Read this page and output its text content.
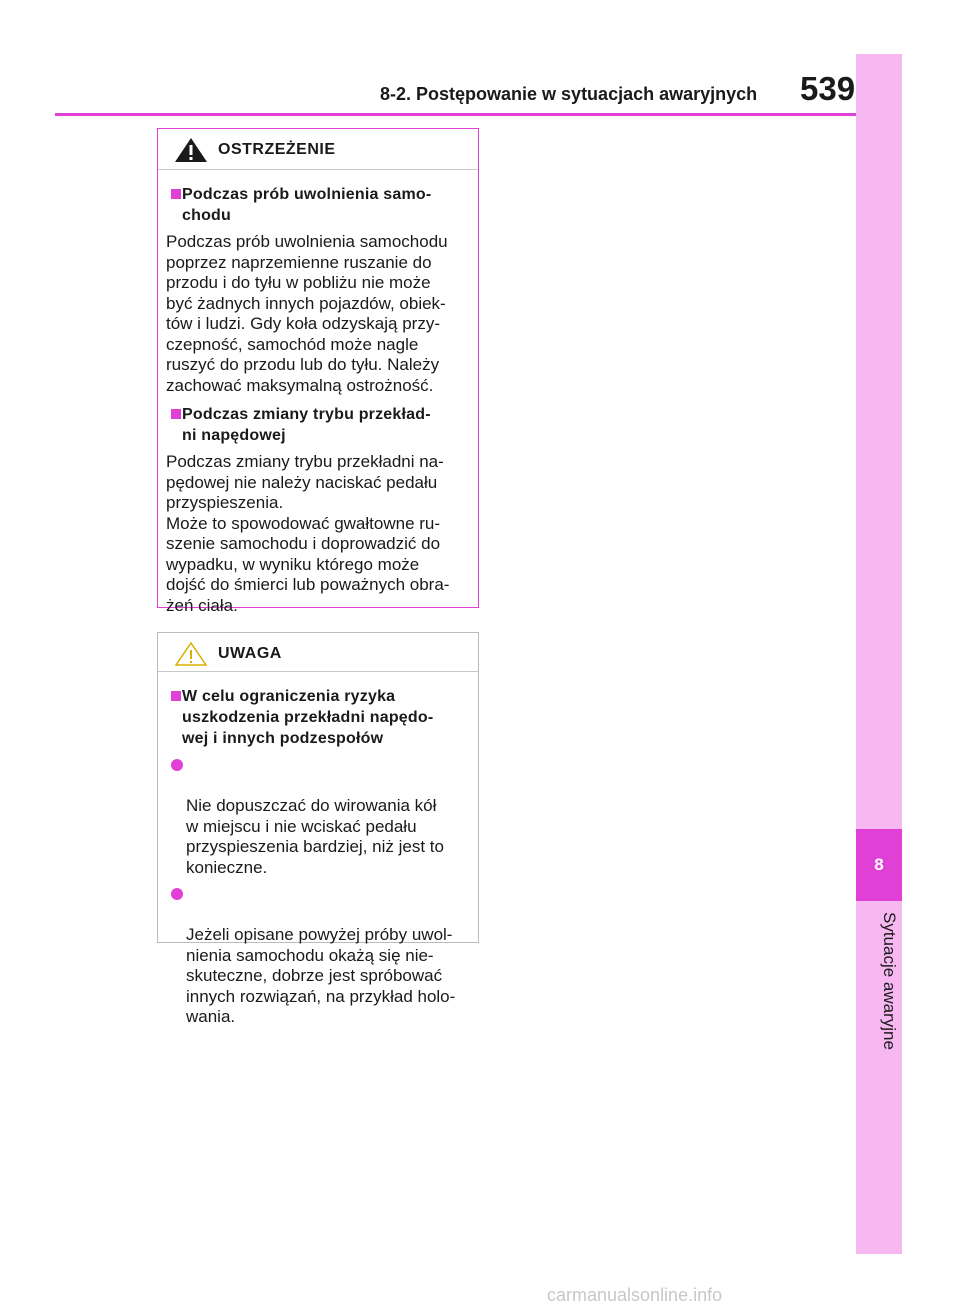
8
Sytuacje awaryjne
8-2. Postępowanie w sytuacjach awaryjnych 539
OSTRZEŻENIE
Podczas prób uwolnienia samo-
chodu
Podczas prób uwolnienia samochodu
poprzez naprzemienne ruszanie do
przodu i do tyłu w pobliżu nie może
być żadnych innych pojazdów, obiek-
tów i ludzi. Gdy koła odzyskają przy-
czepność, samochód może nagle
ruszyć do przodu lub do tyłu. Należy
zachować maksymalną ostrożność.
Podczas zmiany trybu przekład-
ni napędowej
Podczas zmiany trybu przekładni na-
pędowej nie należy naciskać pedału
przyspieszenia.
Może to spowodować gwałtowne ru-
szenie samochodu i doprowadzić do
wypadku, w wyniku którego może
dojść do śmierci lub poważnych obra-
żeń ciała.
UWAGA
W celu ograniczenia ryzyka
uszkodzenia przekładni napędo-
wej i innych podzespołów

Nie dopuszczać do wirowania kół
w miejscu i nie wciskać pedału
przyspieszenia bardziej, niż jest to
konieczne.

Jeżeli opisane powyżej próby uwol-
nienia samochodu okażą się nie-
skuteczne, dobrze jest spróbować
innych rozwiązań, na przykład holo-
wania.

carmanualsonline.info
